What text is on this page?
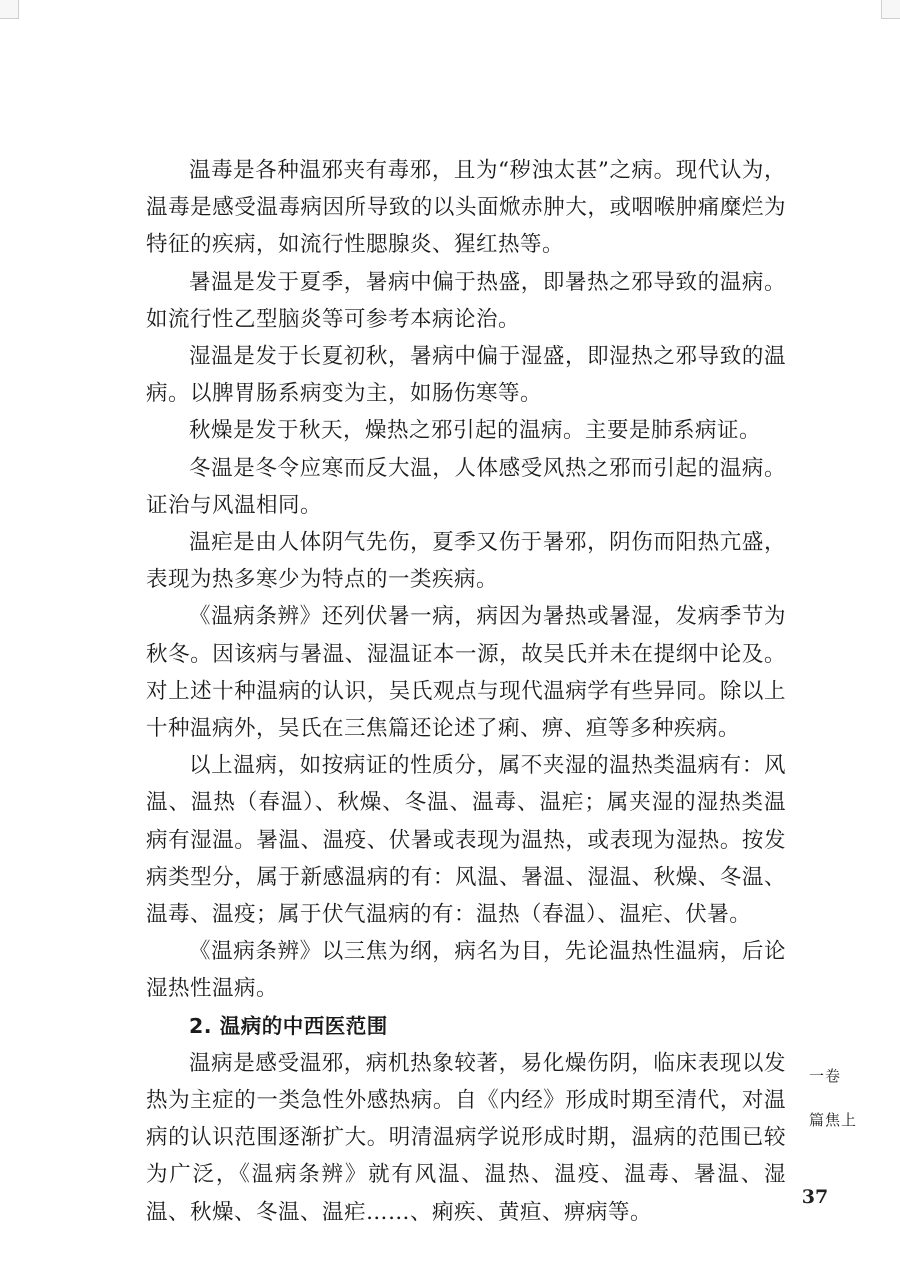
温毒是各种温邪夹有毒邪，且为“秽浊太甚”之病。现代认为，温毒是感受温毒病因所导致的以头面焮赤肿大，或咽喉肿痛糜烂为特征的疾病，如流行性腮腺炎、猩红热等。

暑温是发于夏季，暑病中偏于热盛，即暑热之邪导致的温病。如流行性乙型脑炎等可参考本病论治。

湿温是发于长夏初秋，暑病中偏于湿盛，即湿热之邪导致的温病。以脾胃肠系病变为主，如肠伤寒等。

秋燥是发于秋天，燥热之邪引起的温病。主要是肺系病证。

冬温是冬令应寒而反大温，人体感受风热之邪而引起的温病。证治与风温相同。

温疟是由人体阴气先伤，夏季又伤于暑邪，阴伤而阳热亢盛，表现为热多寒少为特点的一类疾病。

《温病条辨》还列伏暑一病，病因为暑热或暑湿，发病季节为秋冬。因该病与暑温、湿温证本一源，故吴氏并未在提纲中论及。对上述十种温病的认识，吴氏观点与现代温病学有些异同。除以上十种温病外，吴氏在三焦篇还论述了痢、痹、疸等多种疾病。

以上温病，如按病证的性质分，属不夹湿的温热类温病有：风温、温热（春温）、秋燥、冬温、温毒、温疟；属夹湿的湿热类温病有湿温。暑温、温疫、伏暑或表现为温热，或表现为湿热。按发病类型分，属于新感温病的有：风温、暑温、湿温、秋燥、冬温、温毒、温疫；属于伏气温病的有：温热（春温）、温疟、伏暑。

《温病条辨》以三焦为纲，病名为目，先论温热性温病，后论湿热性温病。

2. 温病的中西医范围

温病是感受温邪，病机热象较著，易化燥伤阴，临床表现以发热为主症的一类急性外感热病。自《内经》形成时期至清代，对温病的认识范围逐渐扩大。明清温病学说形成时期，温病的范围已较为广泛，《温病条辨》就有风温、温热、温疫、温毒、暑温、湿温、秋燥、冬温、温疟……、痢疾、黄疸、痹病等。

卷一
上焦篇
37
